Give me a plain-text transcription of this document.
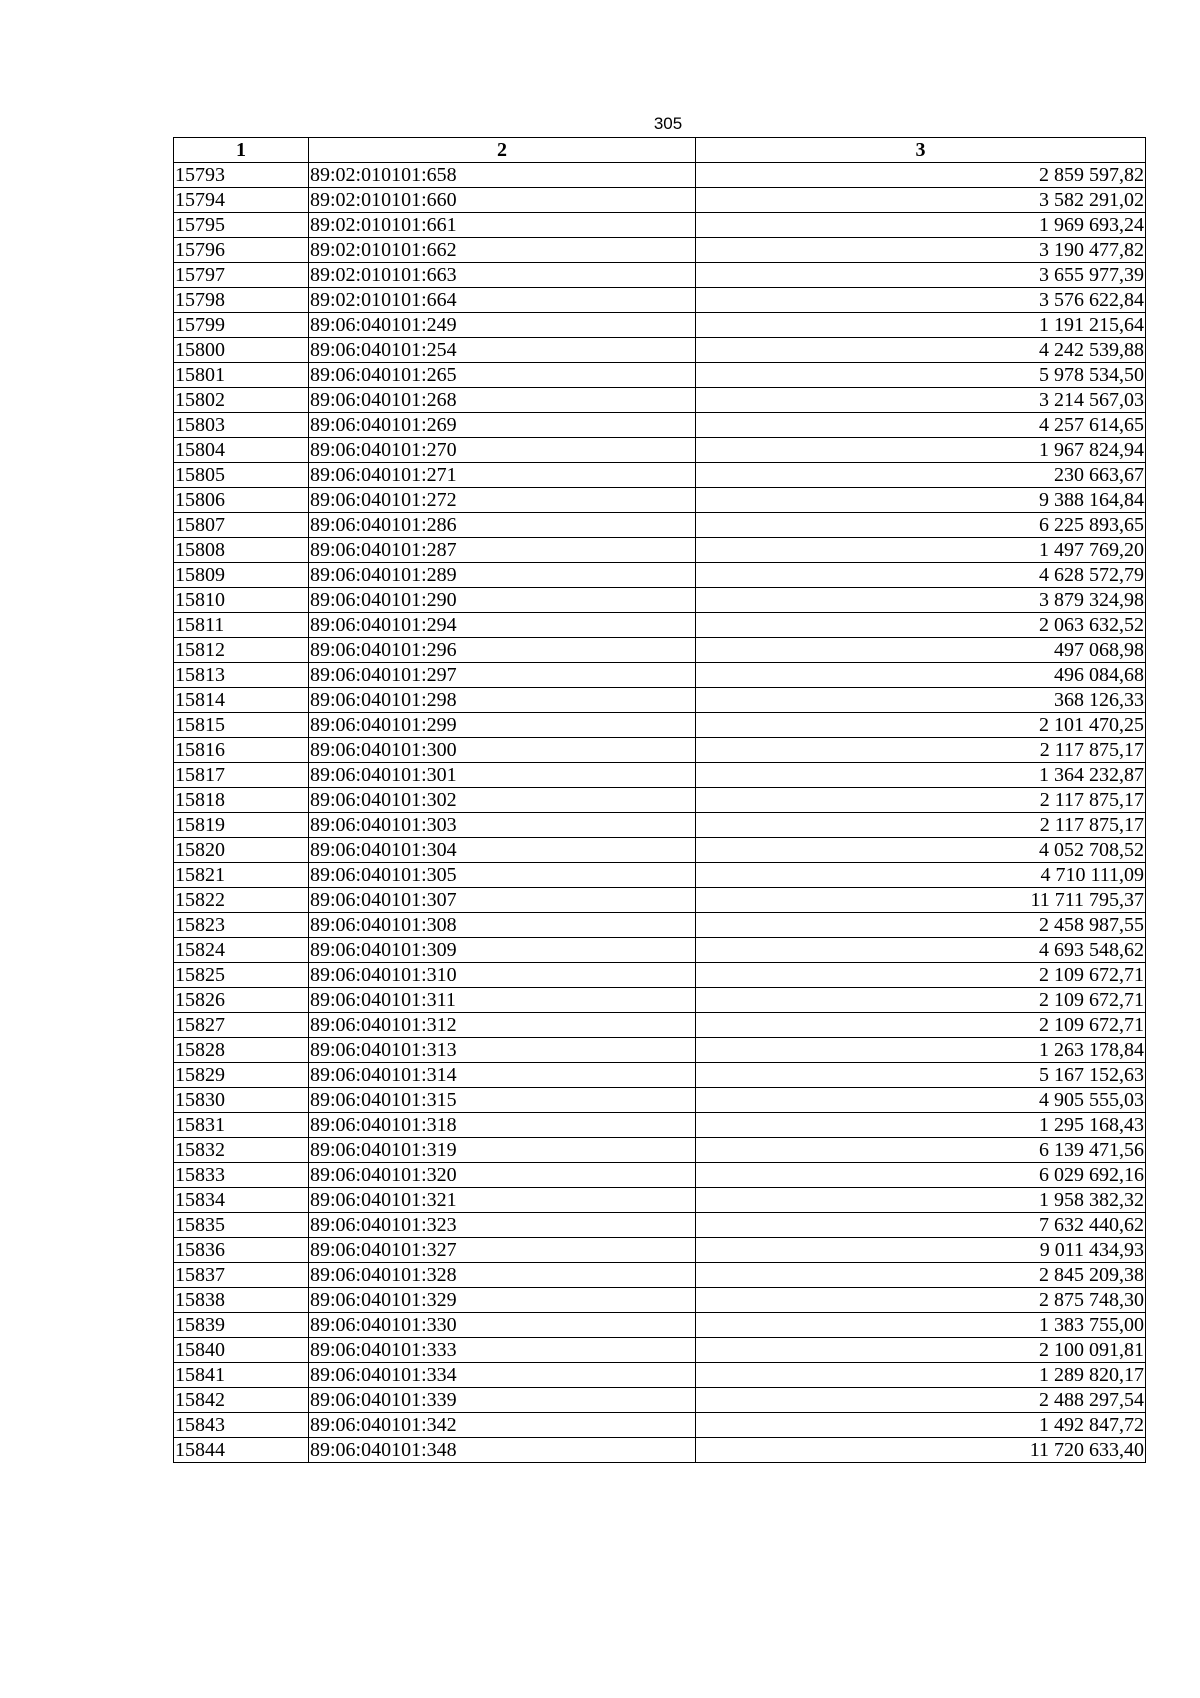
305
1	2	3
15793	89:02:010101:658	2 859 597,82
15794	89:02:010101:660	3 582 291,02
15795	89:02:010101:661	1 969 693,24
15796	89:02:010101:662	3 190 477,82
15797	89:02:010101:663	3 655 977,39
15798	89:02:010101:664	3 576 622,84
15799	89:06:040101:249	1 191 215,64
15800	89:06:040101:254	4 242 539,88
15801	89:06:040101:265	5 978 534,50
15802	89:06:040101:268	3 214 567,03
15803	89:06:040101:269	4 257 614,65
15804	89:06:040101:270	1 967 824,94
15805	89:06:040101:271	230 663,67
15806	89:06:040101:272	9 388 164,84
15807	89:06:040101:286	6 225 893,65
15808	89:06:040101:287	1 497 769,20
15809	89:06:040101:289	4 628 572,79
15810	89:06:040101:290	3 879 324,98
15811	89:06:040101:294	2 063 632,52
15812	89:06:040101:296	497 068,98
15813	89:06:040101:297	496 084,68
15814	89:06:040101:298	368 126,33
15815	89:06:040101:299	2 101 470,25
15816	89:06:040101:300	2 117 875,17
15817	89:06:040101:301	1 364 232,87
15818	89:06:040101:302	2 117 875,17
15819	89:06:040101:303	2 117 875,17
15820	89:06:040101:304	4 052 708,52
15821	89:06:040101:305	4 710 111,09
15822	89:06:040101:307	11 711 795,37
15823	89:06:040101:308	2 458 987,55
15824	89:06:040101:309	4 693 548,62
15825	89:06:040101:310	2 109 672,71
15826	89:06:040101:311	2 109 672,71
15827	89:06:040101:312	2 109 672,71
15828	89:06:040101:313	1 263 178,84
15829	89:06:040101:314	5 167 152,63
15830	89:06:040101:315	4 905 555,03
15831	89:06:040101:318	1 295 168,43
15832	89:06:040101:319	6 139 471,56
15833	89:06:040101:320	6 029 692,16
15834	89:06:040101:321	1 958 382,32
15835	89:06:040101:323	7 632 440,62
15836	89:06:040101:327	9 011 434,93
15837	89:06:040101:328	2 845 209,38
15838	89:06:040101:329	2 875 748,30
15839	89:06:040101:330	1 383 755,00
15840	89:06:040101:333	2 100 091,81
15841	89:06:040101:334	1 289 820,17
15842	89:06:040101:339	2 488 297,54
15843	89:06:040101:342	1 492 847,72
15844	89:06:040101:348	11 720 633,40
